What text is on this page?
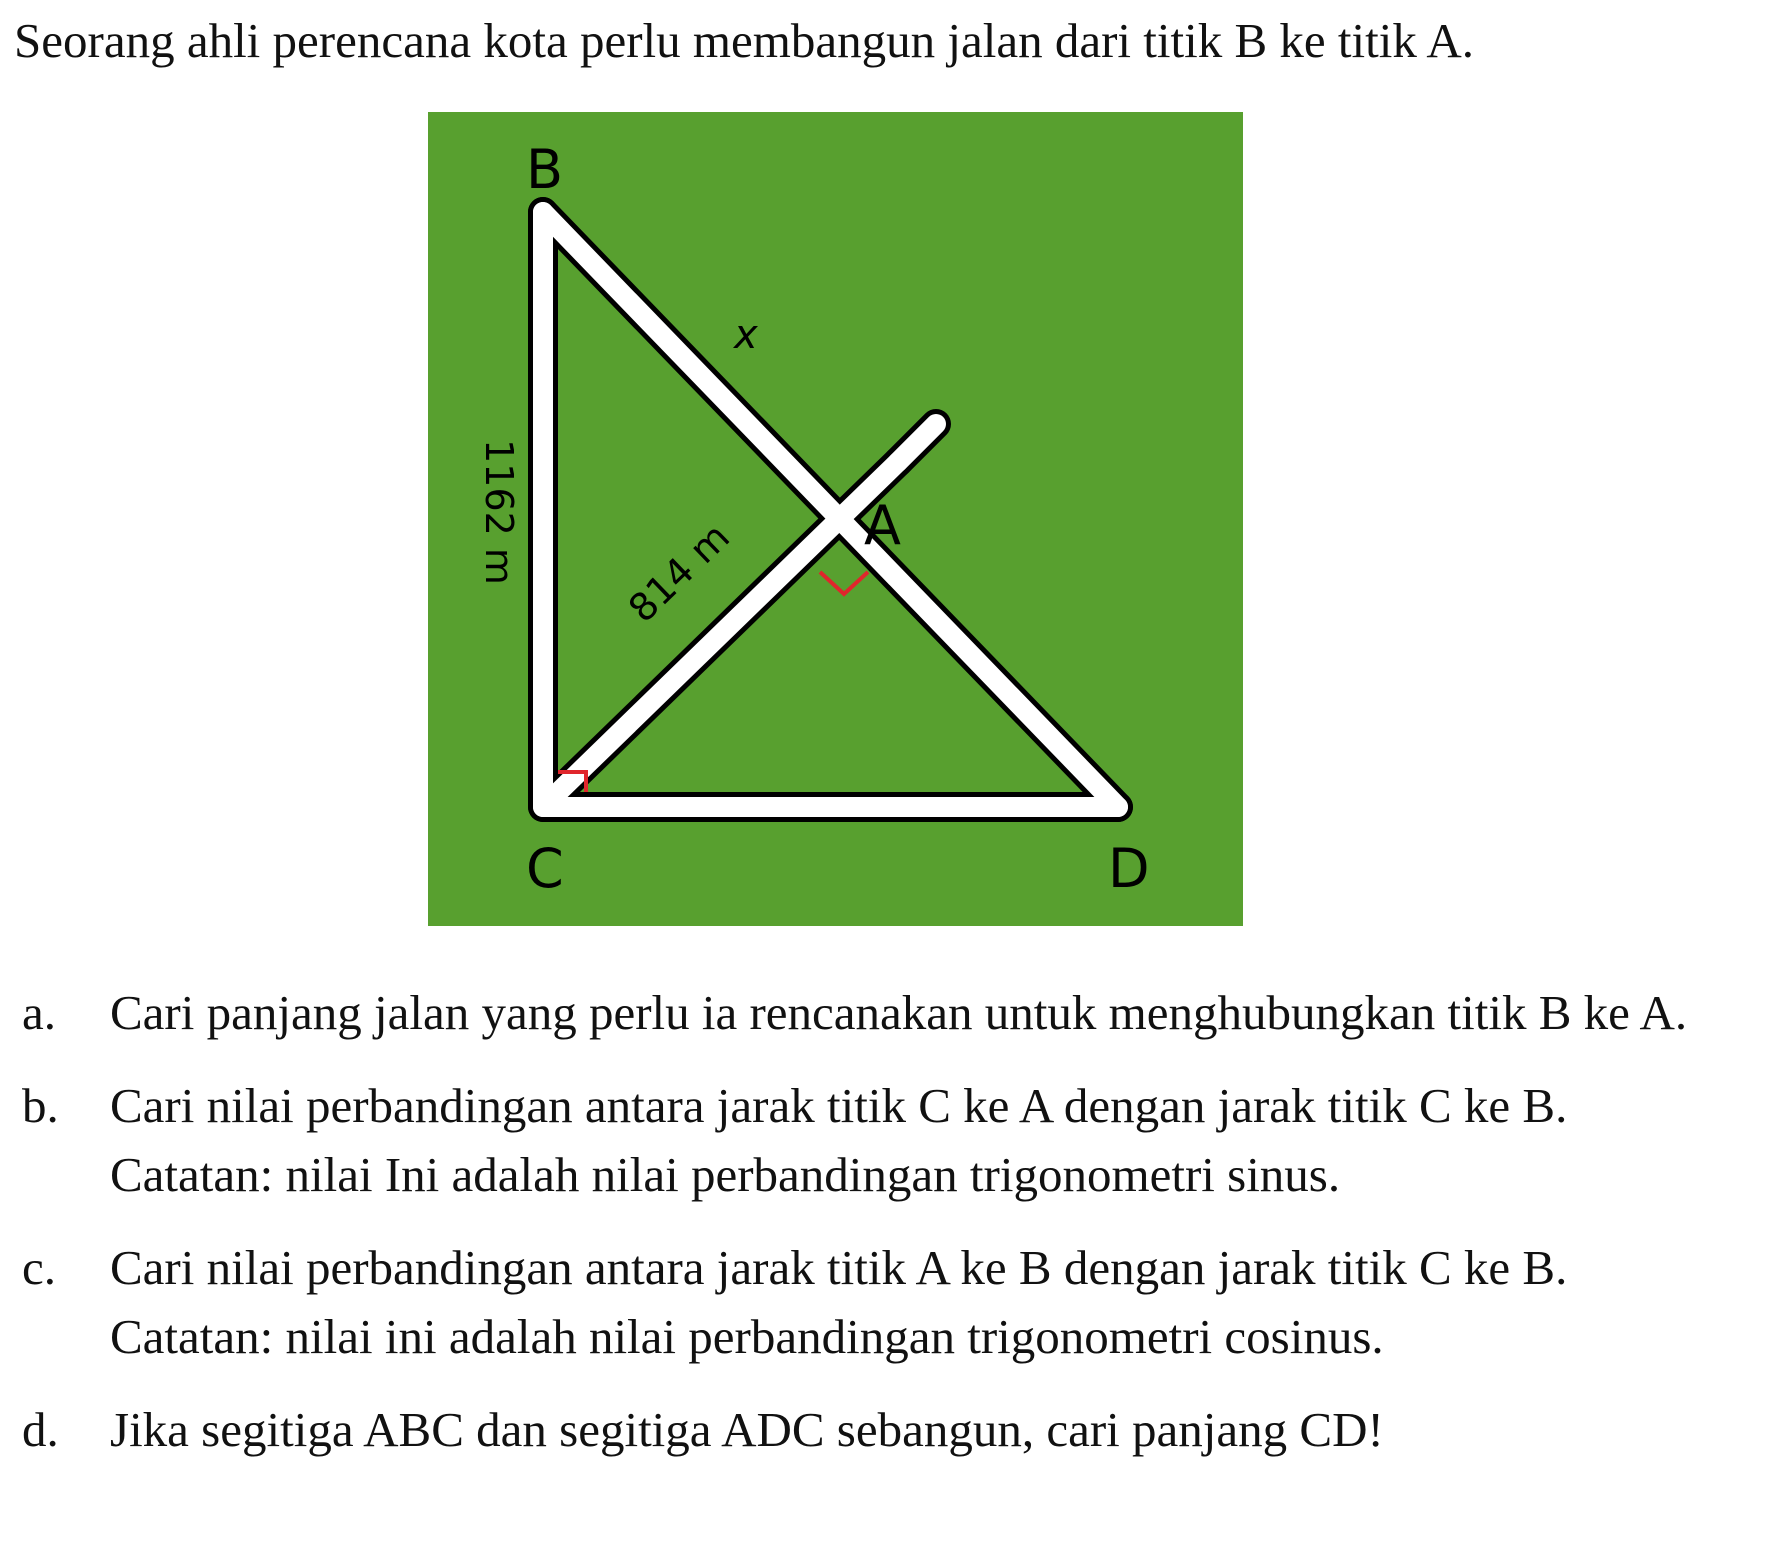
Seorang ahli perencana kota perlu membangun jalan dari titik B ke titik A.

B
A
C	D
x
1162 m	814 m
a. Cari panjang jalan yang perlu ia rencanakan untuk menghubungkan titik B ke A.
b. Cari nilai perbandingan antara jarak titik C ke A dengan jarak titik C ke B.
Catatan: nilai Ini adalah nilai perbandingan trigonometri sinus.
c. Cari nilai perbandingan antara jarak titik A ke B dengan jarak titik C ke B.
Catatan: nilai ini adalah nilai perbandingan trigonometri cosinus.
d. Jika segitiga ABC dan segitiga ADC sebangun, cari panjang CD!
